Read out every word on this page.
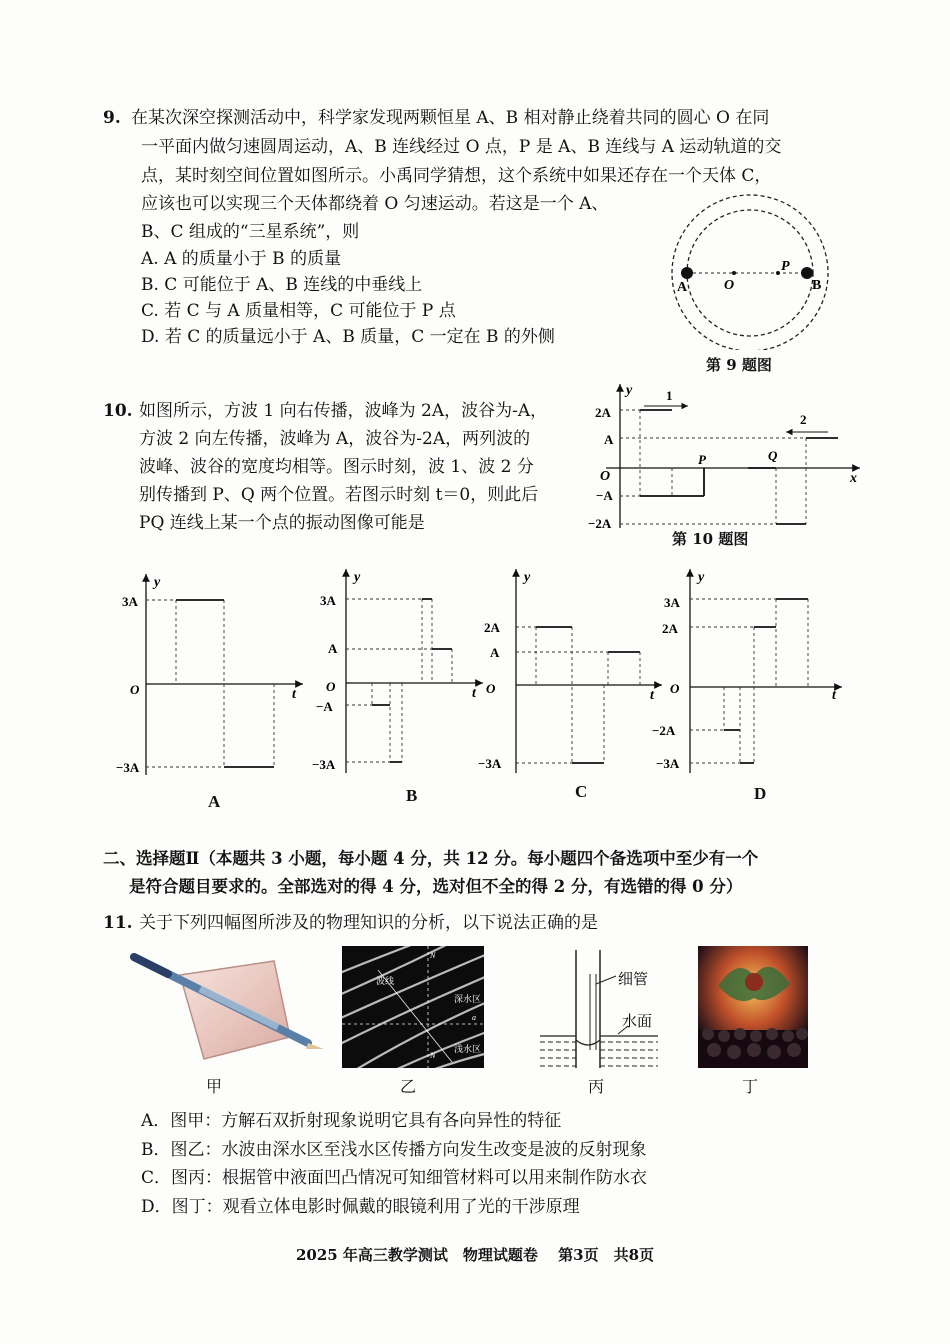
9. 在某次深空探测活动中，科学家发现两颗恒星 A、B 相对静止绕着共同的圆心 O 在同
一平面内做匀速圆周运动，A、B 连线经过 O 点，P 是 A、B 连线与 A 运动轨道的交
点，某时刻空间位置如图所示。小禹同学猜想，这个系统中如果还存在一个天体 C，
应该也可以实现三个天体都绕着 O 匀速运动。若这是一个 A、
B、C 组成的“三星系统”，则
A. A 的质量小于 B 的质量
B. C 可能位于 A、B 连线的中垂线上
C. 若 C 与 A 质量相等，C 可能位于 P 点
D. 若 C 的质量远小于 A、B 质量，C 一定在 B 的外侧
A	O
P
B
第 9 题图
10. 如图所示，方波 1 向右传播，波峰为 2A，波谷为-A，
方波 2 向左传播，波峰为 A，波谷为-2A，两列波的
波峰、波谷的宽度均相等。图示时刻，波 1、波 2 分
别传播到 P、Q 两个位置。若图示时刻 t＝0，则此后
PQ 连线上某一个点的振动图像可能是
y
x
O
2A
A
−A
−2A
1
2
P	Q
第 10 题图
y
t
3A
O
−3A
A
y
t
3A
A
O
−A
−3A
B
y
t
2A
A
O
−3A
C
y
t
3A
2A
O
−2A
−3A
D
二、选择题Ⅱ（本题共 3 小题，每小题 4 分，共 12 分。每小题四个备选项中至少有一个
是符合题目要求的。全部选对的得 4 分，选对但不全的得 2 分，有选错的得 0 分）
11. 关于下列四幅图所涉及的物理知识的分析，以下说法正确的是
甲
波线
N
深水区
a
浅水区
N
乙
细管
水面
丙	丁
A．图甲：方解石双折射现象说明它具有各向异性的特征
B．图乙：水波由深水区至浅水区传播方向发生改变是波的反射现象
C．图丙：根据管中液面凹凸情况可知细管材料可以用来制作防水衣
D．图丁：观看立体电影时佩戴的眼镜利用了光的干涉原理
2025 年高三教学测试　物理试题卷　 第3页　共8页
